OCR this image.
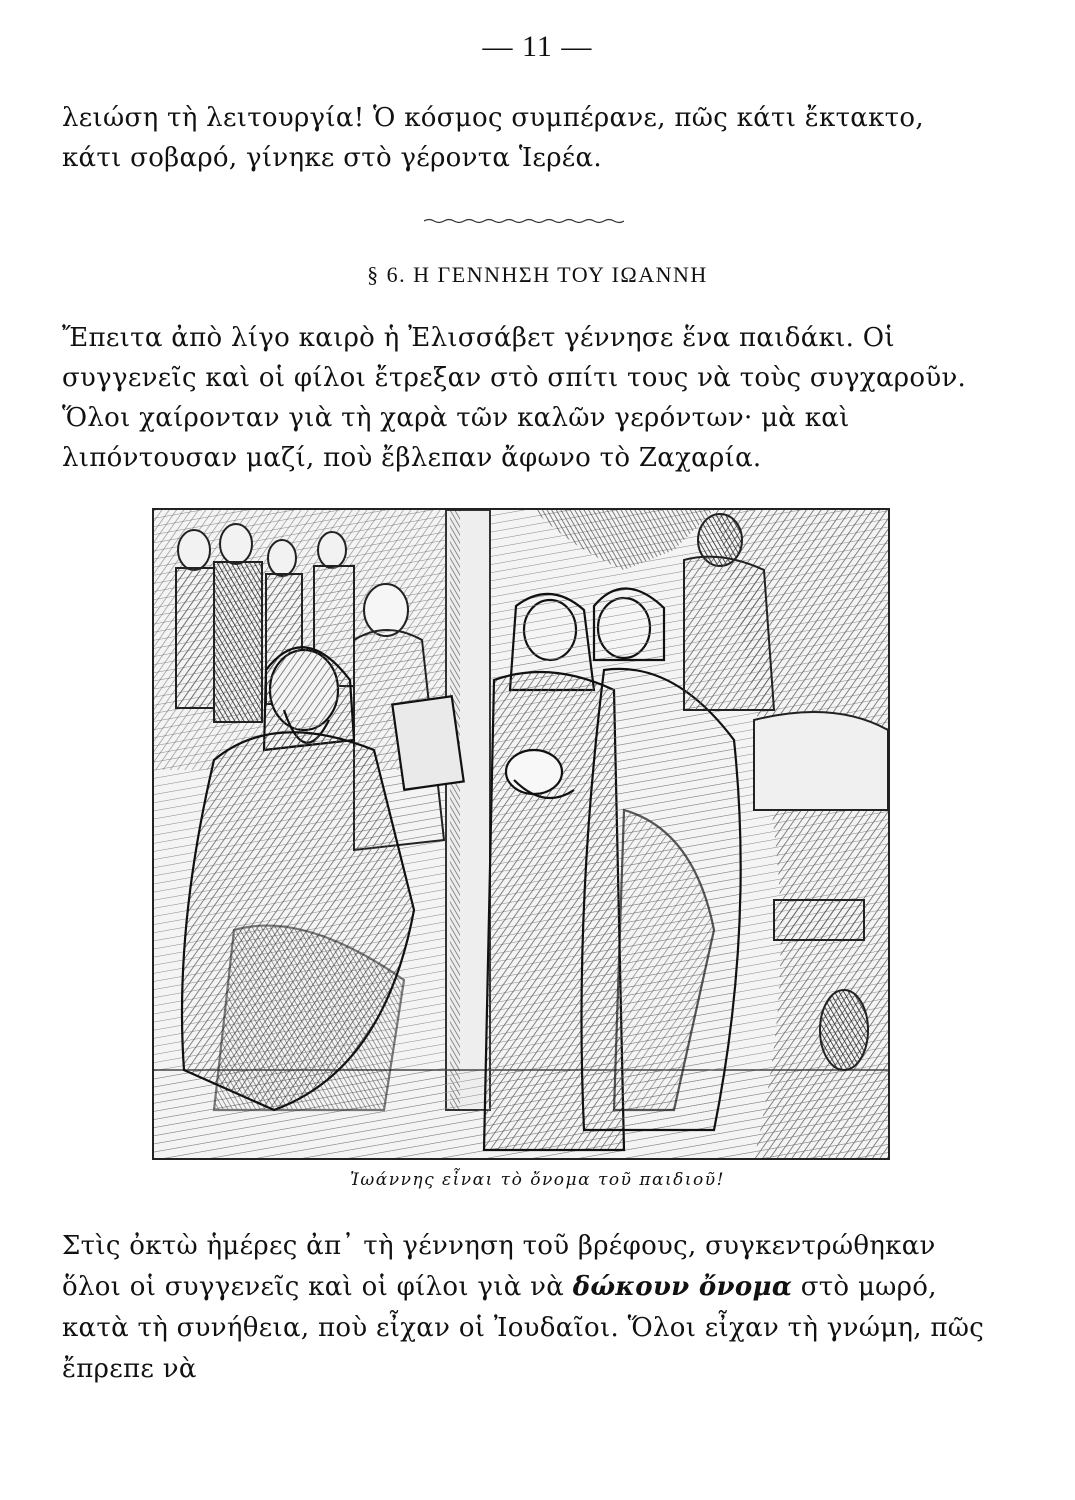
— 11 —
λειώση τὴ λειτουργία! Ὁ κόσμος συμπέρανε, πῶς κάτι ἔκτακτο, κάτι σοβαρό, γίνηκε στὸ γέροντα Ἱερέα.
§ 6. Η ΓΕΝΝΗΣΗ ΤΟΥ ΙΩΑΝΝΗ
Ἔπειτα ἀπὸ λίγο καιρὸ ἡ Ἐλισσάβετ γέννησε ἕνα παιδάκι. Οἱ συγγενεῖς καὶ οἱ φίλοι ἔτρεξαν στὸ σπίτι τους νὰ τοὺς συγχαροῦν. Ὅλοι χαίρονταν γιὰ τὴ χαρὰ τῶν καλῶν γερόντων· μὰ καὶ λιπόντουσαν μαζί, ποὺ ἔβλεπαν ἄφωνο τὸ Ζαχαρία.
Ἰωάννης εἶναι τὸ ὄνομα τοῦ παιδιοῦ!
Στὶς ὀκτὼ ἡμέρες ἀπ᾿ τὴ γέννηση τοῦ βρέφους, συγκεντρώθηκαν ὅλοι οἱ συγγενεῖς καὶ οἱ φίλοι γιὰ νὰ δώκουν ὄνομα στὸ μωρό, κατὰ τὴ συνήθεια, ποὺ εἶχαν οἱ Ἰουδαῖοι. Ὅλοι εἶχαν τὴ γνώμη, πῶς ἔπρεπε νὰ
